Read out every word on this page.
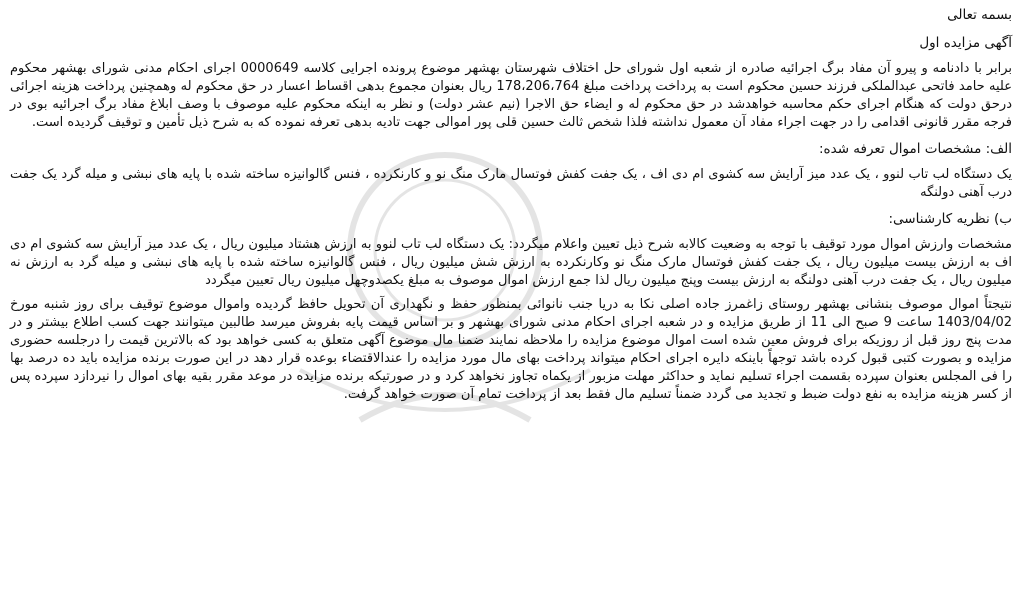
بسمه تعالی

آگهی مزایده اول

برابر با دادنامه و پیرو آن مفاد برگ اجرائیه صادره از شعبه اول شورای حل اختلاف شهرستان بهشهر موضوع پرونده اجرایی کلاسه 0000649 اجرای احکام مدنی شورای بهشهر محکوم علیه حامد فاتحی عبدالملکی فرزند حسین محکوم است به پرداخت پرداخت مبلغ 178،206،764 ریال بعنوان مجموع بدهی اقساط اعسار در حق محکوم له وهمچنین پرداخت هزینه اجرائی درحق دولت که هنگام اجرای حکم محاسبه خواهدشد در حق محکوم له و ایضاء حق الاجرا (نیم عشر دولت) و نظر به اینکه محکوم علیه موصوف با وصف ابلاغ مفاد برگ اجرائیه بوی در فرجه مقرر قانونی اقدامی را در جهت اجراء مفاد آن معمول نداشته فلذا شخص ثالث حسین قلی پور اموالی جهت تادیه بدهی تعرفه نموده که به شرح ذیل تأمین و توقیف گردیده است.

الف: مشخصات اموال تعرفه شده:

یک دستگاه لب تاب لنوو ، یک عدد میز آرایش سه کشوی ام دی اف ، یک جفت کفش فوتسال مارک منگ نو و کارنکرده ، فنس گالوانیزه ساخته شده با پایه های نبشی و میله گرد یک جفت درب آهنی دولنگه

ب) نظریه کارشناسی:

مشخصات وارزش اموال مورد توقیف با توجه به وضعیت کالابه شرح ذیل تعیین واعلام میگردد: یک دستگاه لب تاب لنوو به ارزش هشتاد میلیون ریال ، یک عدد میز آرایش سه کشوی ام دی اف به ارزش بیست میلیون ریال ، یک جفت کفش فوتسال مارک منگ نو وکارنکرده به ارزش شش میلیون ریال ، فنس گالوانیزه ساخته شده با پایه های نبشی و میله گرد به ارزش نه میلیون ریال ، یک جفت درب آهنی دولنگه به ارزش بیست وپنج میلیون ریال لذا جمع ارزش اموال موصوف به مبلغ یکصدوچهل میلیون ریال تعیین میگردد

نتیجتاً اموال موصوف بنشانی بهشهر روستای زاغمرز جاده اصلی نکا به دریا جنب نانوائی بمنظور حفظ و نگهداری آن تحویل حافظ گردیده واموال موضوع توقیف برای روز شنبه مورخ 1403/04/02 ساعت 9 صبح الی 11 از طریق مزایده و در شعبه اجرای احکام مدنی شورای بهشهر و بر اساس قیمت پایه بفروش میرسد طالبین میتوانند جهت کسب اطلاع بیشتر و در مدت پنج روز قبل از روزیکه برای فروش معین شده است اموال موضوع مزایده را ملاحظه نمایند ضمنا مال موضوع آگهی متعلق به کسی خواهد بود که بالاترین قیمت را درجلسه حضوری مزایده و بصورت کتبی قبول کرده باشد توجهاً باینکه دایره اجرای احکام میتواند پرداخت بهای مال مورد مزایده را عندالاقتضاء بوعده قرار دهد در این صورت برنده مزایده باید ده درصد بها را فی المجلس بعنوان سپرده بقسمت اجراء تسلیم نماید و حداکثر مهلت مزبور از یکماه تجاوز نخواهد کرد و در صورتیکه برنده مزایده در موعد مقرر بقیه بهای اموال را نیردازد سپرده پس از کسر هزینه مزایده به نفع دولت ضبط و تجدید می گردد ضمناً تسلیم مال فقط بعد از پرداخت تمام آن صورت خواهد گرفت.
